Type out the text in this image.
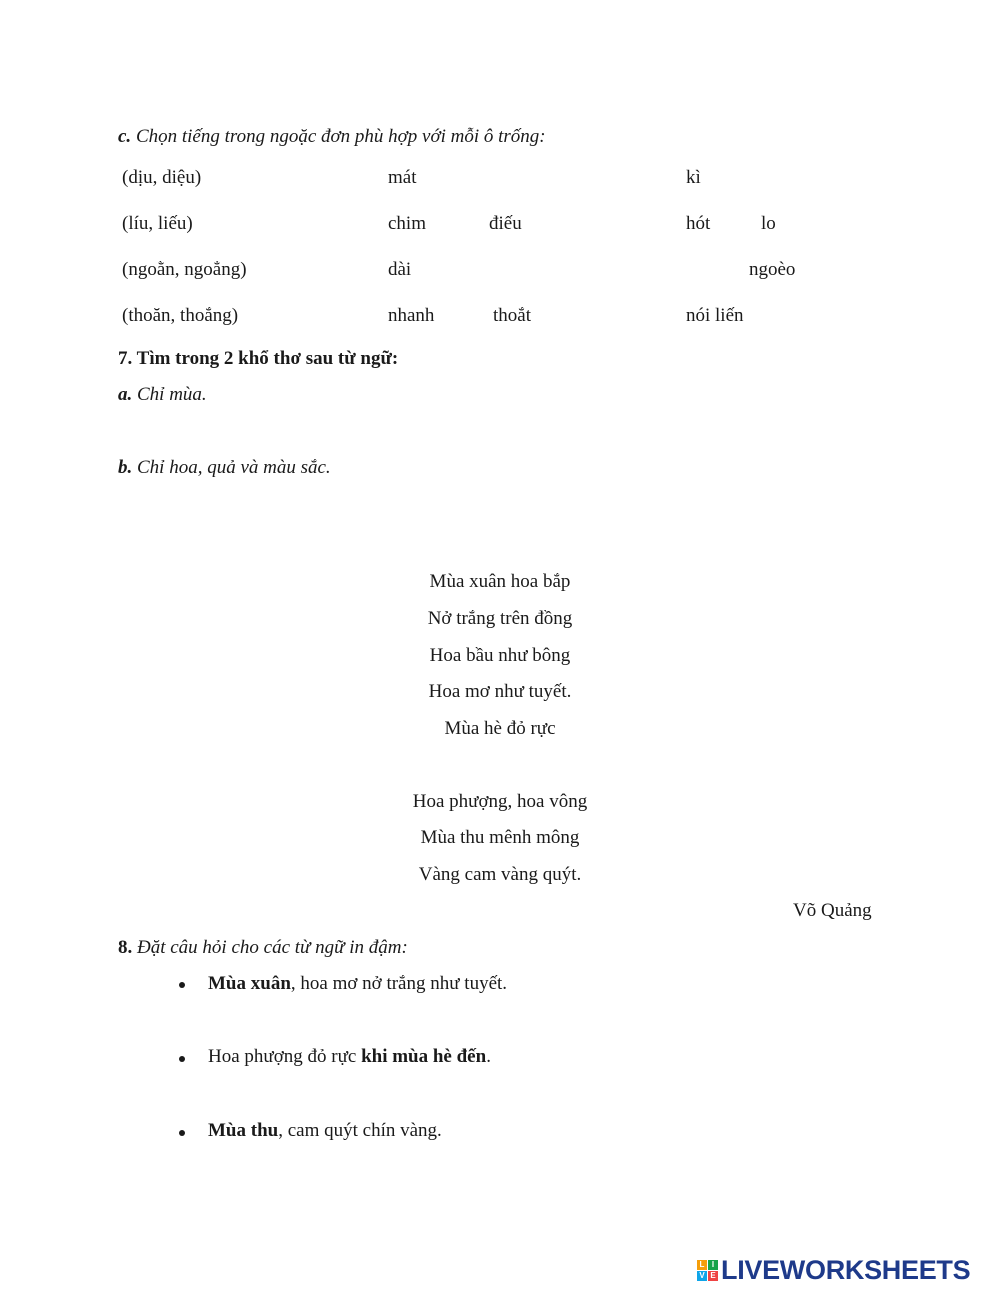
c. Chọn tiếng trong ngoặc đơn phù hợp với mỗi ô trống:
(dịu, diệu)	mát	kì
(líu, liếu)	chim	điếu	hót	lo
(ngoằn, ngoẳng)	dài	ngoèo
(thoăn, thoắng)	nhanh	thoắt	nói liến
7. Tìm trong 2 khổ thơ sau từ ngữ:
a. Chỉ mùa.
b. Chỉ hoa, quả và màu sắc.
Mùa xuân hoa bắp
Nở trắng trên đồng
Hoa bầu như bông
Hoa mơ như tuyết.
Mùa hè đỏ rực
Hoa phượng, hoa vông
Mùa thu mênh mông
Vàng cam vàng quýt.
Võ Quảng
8. Đặt câu hỏi cho các từ ngữ in đậm:
Mùa xuân, hoa mơ nở trắng như tuyết.
Hoa phượng đỏ rực khi mùa hè đến.
Mùa thu, cam quýt chín vàng.
L I
V E LIVEWORKSHEETS
